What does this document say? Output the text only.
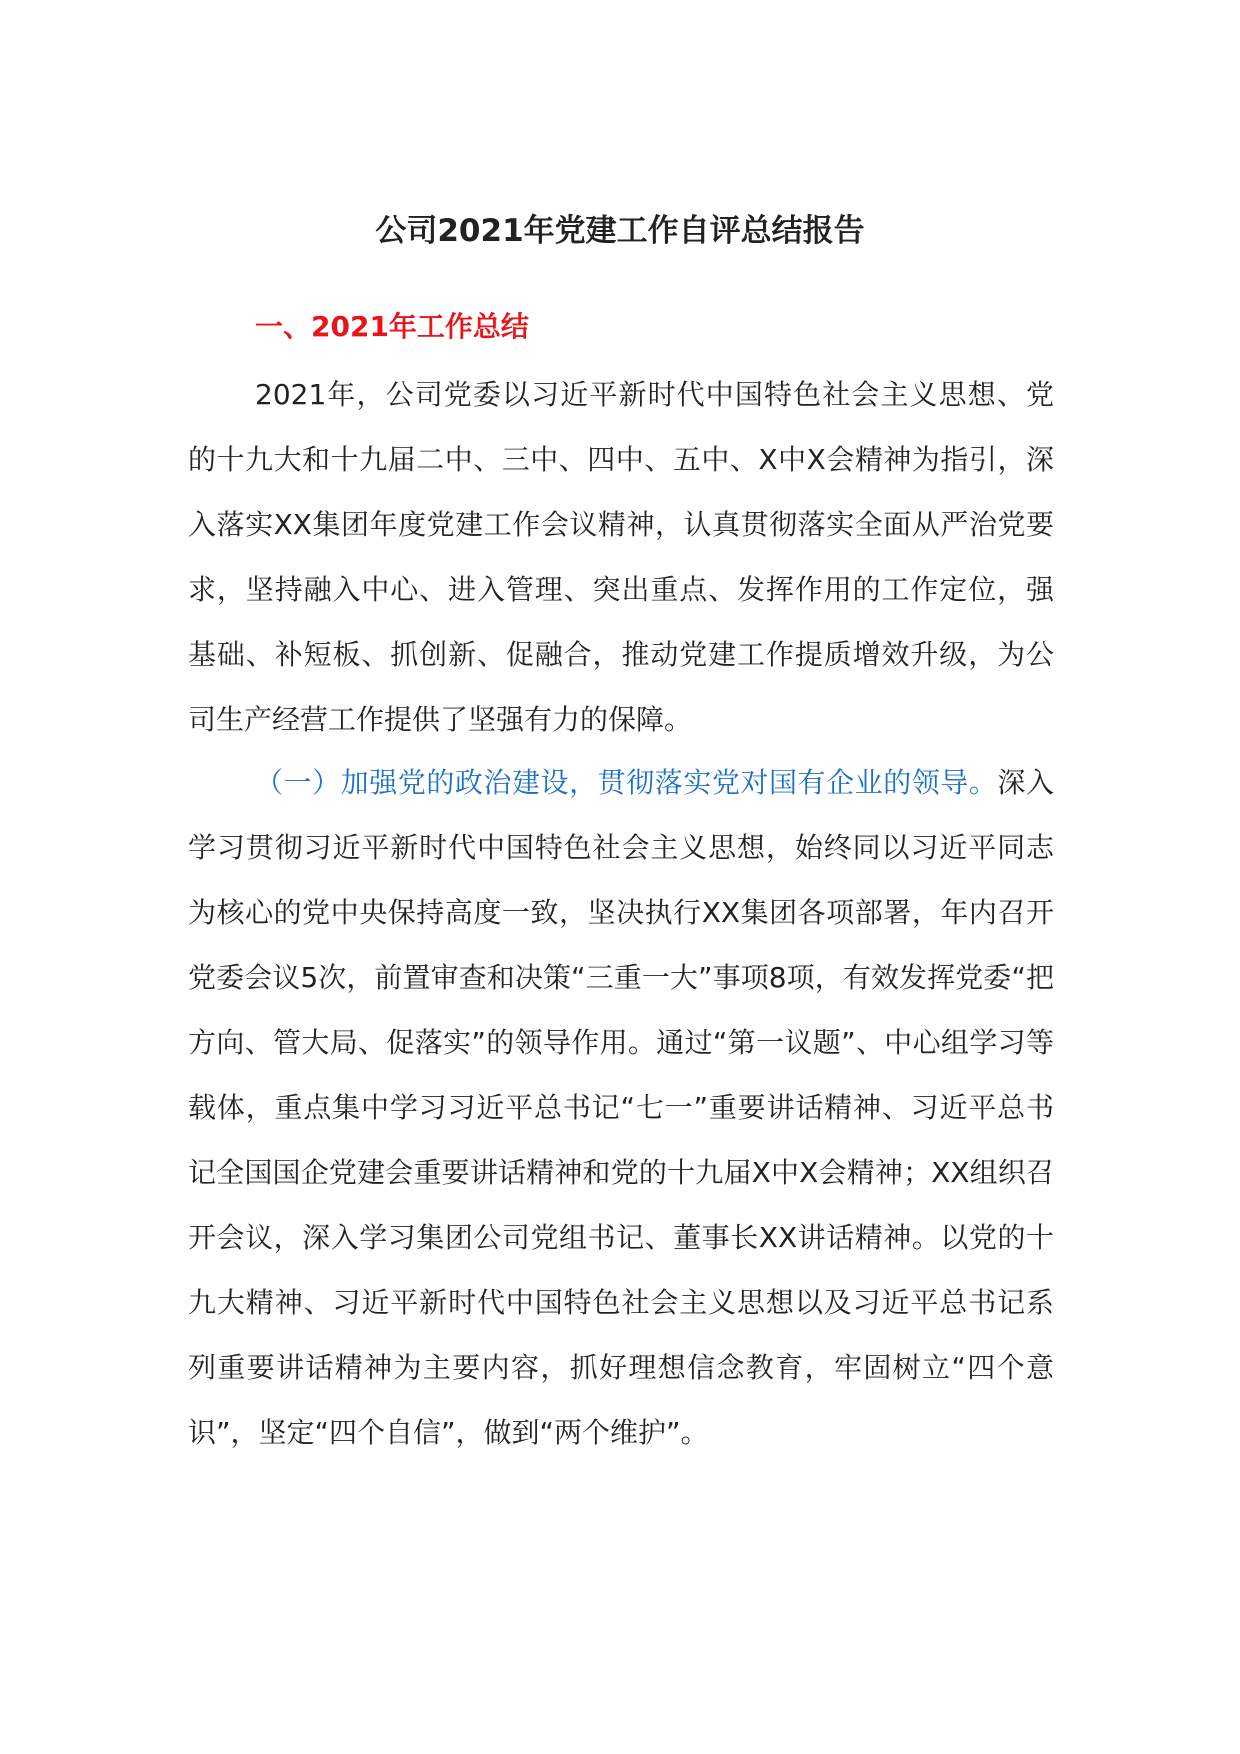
公司2021年党建工作自评总结报告
一、2021年工作总结

2021年，公司党委以习近平新时代中国特色社会主义思想、党的十九大和十九届二中、三中、四中、五中、X中X会精神为指引，深入落实XX集团年度党建工作会议精神，认真贯彻落实全面从严治党要求，坚持融入中心、进入管理、突出重点、发挥作用的工作定位，强基础、补短板、抓创新、促融合，推动党建工作提质增效升级，为公司生产经营工作提供了坚强有力的保障。

（一）加强党的政治建设，贯彻落实党对国有企业的领导。深入学习贯彻习近平新时代中国特色社会主义思想，始终同以习近平同志为核心的党中央保持高度一致，坚决执行XX集团各项部署，年内召开党委会议5次，前置审查和决策“三重一大”事项8项，有效发挥党委“把方向、管大局、促落实”的领导作用。通过“第一议题”、中心组学习等载体，重点集中学习习近平总书记“七一”重要讲话精神、习近平总书记全国国企党建会重要讲话精神和党的十九届X中X会精神；XX组织召开会议，深入学习集团公司党组书记、董事长XX讲话精神。以党的十九大精神、习近平新时代中国特色社会主义思想以及习近平总书记系列重要讲话精神为主要内容，抓好理想信念教育，牢固树立“四个意识”，坚定“四个自信”，做到“两个维护”。
